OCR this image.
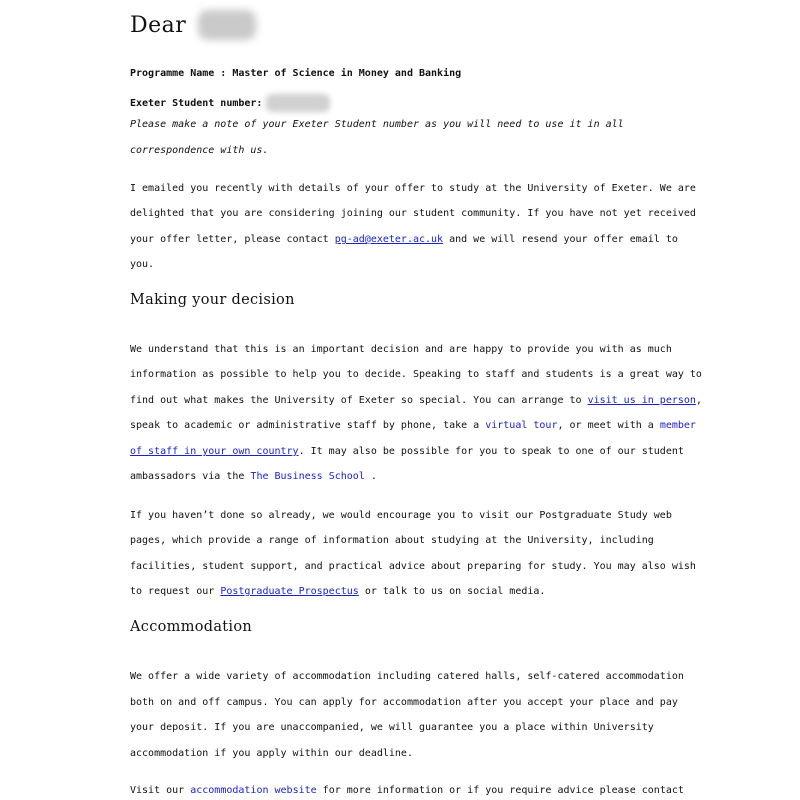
Dear
Programme Name : Master of Science in Money and Banking
Exeter Student number:
Please make a note of your Exeter Student number as you will need to use it in all
correspondence with us.
I emailed you recently with details of your offer to study at the University of Exeter. We are
delighted that you are considering joining our student community. If you have not yet received
your offer letter, please contact pg-ad@exeter.ac.uk and we will resend your offer email to
you.
Making your decision
We understand that this is an important decision and are happy to provide you with as much
information as possible to help you to decide. Speaking to staff and students is a great way to
find out what makes the University of Exeter so special. You can arrange to visit us in person,
speak to academic or administrative staff by phone, take a virtual tour, or meet with a member
of staff in your own country. It may also be possible for you to speak to one of our student
ambassadors via the The Business School .
If you haven’t done so already, we would encourage you to visit our Postgraduate Study web
pages, which provide a range of information about studying at the University, including
facilities, student support, and practical advice about preparing for study. You may also wish
to request our Postgraduate Prospectus or talk to us on social media.
Accommodation
We offer a wide variety of accommodation including catered halls, self-catered accommodation
both on and off campus. You can apply for accommodation after you accept your place and pay
your deposit. If you are unaccompanied, we will guarantee you a place within University
accommodation if you apply within our deadline.
Visit our accommodation website for more information or if you require advice please contact
